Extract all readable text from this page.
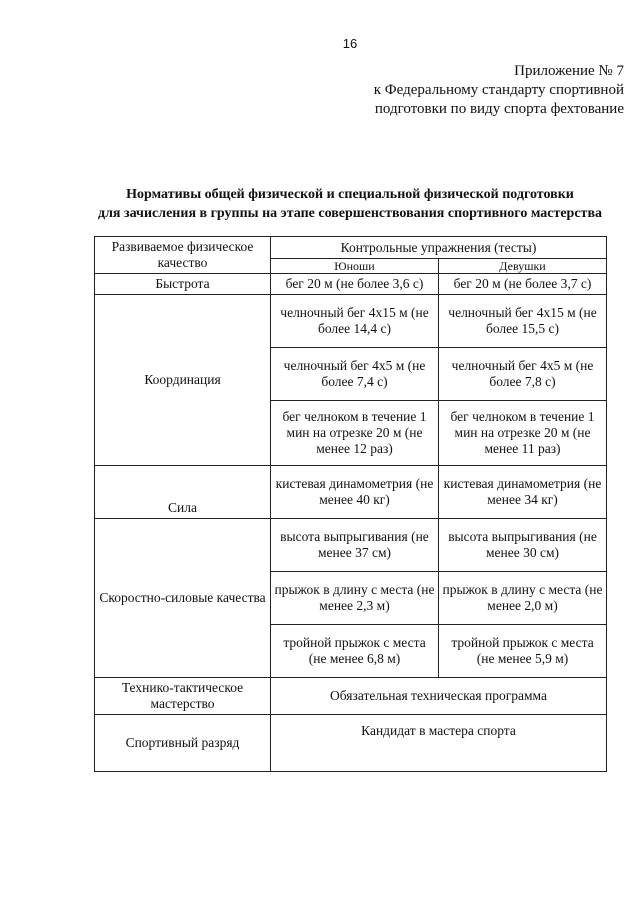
16
Приложение № 7
к Федеральному стандарту спортивной
подготовки по виду спорта фехтование
Нормативы общей физической и специальной физической подготовки
для зачисления в группы на этапе совершенствования спортивного мастерства
Развиваемое физическое качество	Контрольные упражнения (тесты)	
	Юноши	Девушки
Быстрота	бег 20 м (не более 3,6 с)	бег 20 м (не более 3,7 с)
Координация	челночный бег 4х15 м (не более 14,4 с)	челночный бег 4х15 м (не более 15,5 с)
	челночный бег 4х5 м (не более 7,4 с)	челночный бег 4х5 м (не более 7,8 с)
	бег челноком в течение 1 мин на отрезке 20 м (не менее 12 раз)	бег челноком в течение 1 мин на отрезке 20 м (не менее 11 раз)
Сила	кистевая динамометрия (не менее 40 кг)	кистевая динамометрия (не менее 34 кг)
Скоростно-силовые качества	высота выпрыгивания (не менее 37 см)	высота выпрыгивания (не менее 30 см)
	прыжок в длину с места (не менее 2,3 м)	прыжок в длину с места (не менее 2,0 м)
	тройной прыжок с места (не менее 6,8 м)	тройной прыжок с места (не менее 5,9 м)
Технико-тактическое мастерство	Обязательная техническая программа	
Спортивный разряд	Кандидат в мастера спорта	
